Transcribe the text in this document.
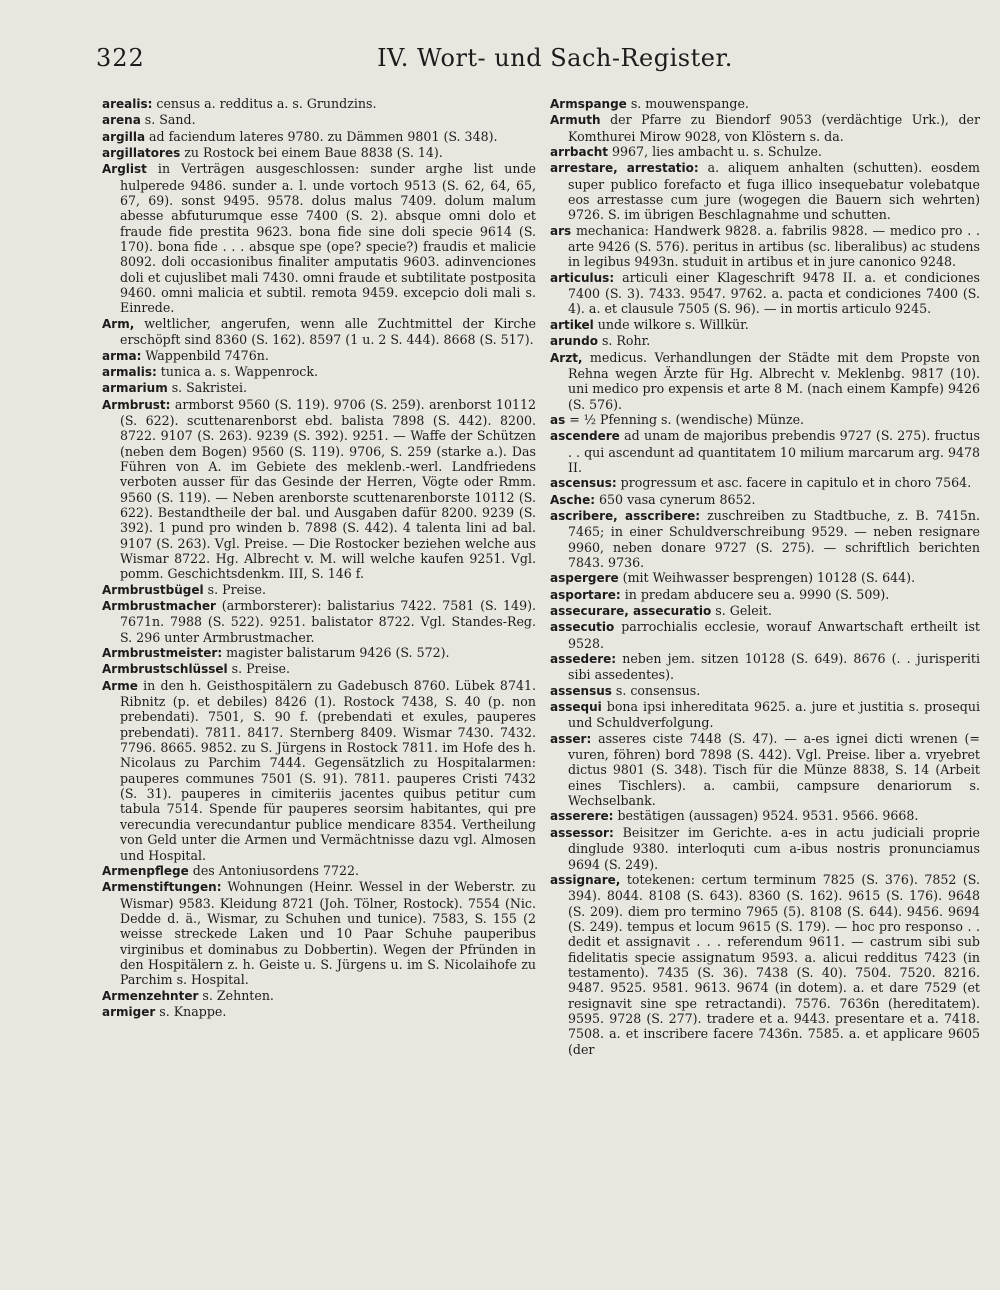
322	IV. Wort- und Sach-Register.

arealis: census a. redditus a. s. Grundzins.

arena s. Sand.

argilla ad faciendum lateres 9780. zu Dämmen 9801 (S. 348).

argillatores zu Rostock bei einem Baue 8838 (S. 14).

Arglist in Verträgen ausgeschlossen: sunder arghe list unde hulperede 9486. sunder a. l. unde vortoch 9513 (S. 62, 64, 65, 67, 69). sonst 9495. 9578. dolus malus 7409. dolum malum abesse abfuturumque esse 7400 (S. 2). absque omni dolo et fraude fide prestita 9623. bona fide sine doli specie 9614 (S. 170). bona fide . . . absque spe (ope? specie?) fraudis et malicie 8092. doli occasionibus finaliter amputatis 9603. adinvenciones doli et cujuslibet mali 7430. omni fraude et subtilitate postposita 9460. omni malicia et subtil. remota 9459. excepcio doli mali s. Einrede.

Arm, weltlicher, angerufen, wenn alle Zuchtmittel der Kirche erschöpft sind 8360 (S. 162). 8597 (1 u. 2 S. 444). 8668 (S. 517).

arma: Wappenbild 7476n.

armalis: tunica a. s. Wappenrock.

armarium s. Sakristei.

Armbrust: armborst 9560 (S. 119). 9706 (S. 259). arenborst 10112 (S. 622). scuttenarenborst ebd. balista 7898 (S. 442). 8200. 8722. 9107 (S. 263). 9239 (S. 392). 9251. — Waffe der Schützen (neben dem Bogen) 9560 (S. 119). 9706, S. 259 (starke a.). Das Führen von A. im Gebiete des meklenb.-werl. Landfriedens verboten ausser für das Gesinde der Herren, Vögte oder Rmm. 9560 (S. 119). — Neben arenborste scuttenarenborste 10112 (S. 622). Bestandtheile der bal. und Ausgaben dafür 8200. 9239 (S. 392). 1 pund pro winden b. 7898 (S. 442). 4 talenta lini ad bal. 9107 (S. 263). Vgl. Preise. — Die Rostocker beziehen welche aus Wismar 8722. Hg. Albrecht v. M. will welche kaufen 9251. Vgl. pomm. Geschichtsdenkm. III, S. 146 f.

Armbrustbügel s. Preise.

Armbrustmacher (armborsterer): balistarius 7422. 7581 (S. 149). 7671n. 7988 (S. 522). 9251. balistator 8722. Vgl. Standes-Reg. S. 296 unter Armbrustmacher.

Armbrustmeister: magister balistarum 9426 (S. 572).

Armbrustschlüssel s. Preise.

Arme in den h. Geisthospitälern zu Gadebusch 8760. Lübek 8741. Ribnitz (p. et debiles) 8426 (1). Rostock 7438, S. 40 (p. non prebendati). 7501, S. 90 f. (prebendati et exules, pauperes prebendati). 7811. 8417. Sternberg 8409. Wismar 7430. 7432. 7796. 8665. 9852. zu S. Jürgens in Rostock 7811. im Hofe des h. Nicolaus zu Parchim 7444. Gegensätzlich zu Hospitalarmen: pauperes communes 7501 (S. 91). 7811. pauperes Cristi 7432 (S. 31). pauperes in cimiteriis jacentes quibus petitur cum tabula 7514. Spende für pauperes seorsim habitantes, qui pre verecundia verecundantur publice mendicare 8354. Vertheilung von Geld unter die Armen und Vermächtnisse dazu vgl. Almosen und Hospital.

Armenpflege des Antoniusordens 7722.

Armenstiftungen: Wohnungen (Heinr. Wessel in der Weberstr. zu Wismar) 9583. Kleidung 8721 (Joh. Tölner, Rostock). 7554 (Nic. Dedde d. ä., Wismar, zu Schuhen und tunice). 7583, S. 155 (2 weisse streckede Laken und 10 Paar Schuhe pauperibus virginibus et dominabus zu Dobbertin). Wegen der Pfründen in den Hospitälern z. h. Geiste u. S. Jürgens u. im S. Nicolaihofe zu Parchim s. Hospital.

Armenzehnter s. Zehnten.

armiger s. Knappe.

Armspange s. mouwenspange.

Armuth der Pfarre zu Biendorf 9053 (verdächtige Urk.), der Komthurei Mirow 9028, von Klöstern s. da.

arrbacht 9967, lies ambacht u. s. Schulze.

arrestare, arrestatio: a. aliquem anhalten (schutten). eosdem super publico forefacto et fuga illico insequebatur volebatque eos arrestasse cum jure (wogegen die Bauern sich wehrten) 9726. S. im übrigen Beschlagnahme und schutten.

ars mechanica: Handwerk 9828. a. fabrilis 9828. — medico pro . . arte 9426 (S. 576). peritus in artibus (sc. liberalibus) ac studens in legibus 9493n. studuit in artibus et in jure canonico 9248.

articulus: articuli einer Klageschrift 9478 II. a. et condiciones 7400 (S. 3). 7433. 9547. 9762. a. pacta et condiciones 7400 (S. 4). a. et clausule 7505 (S. 96). — in mortis articulo 9245.

artikel unde wilkore s. Willkür.

arundo s. Rohr.

Arzt, medicus. Verhandlungen der Städte mit dem Propste von Rehna wegen Ärzte für Hg. Albrecht v. Meklenbg. 9817 (10). uni medico pro expensis et arte 8 M. (nach einem Kampfe) 9426 (S. 576).

as = ½ Pfenning s. (wendische) Münze.

ascendere ad unam de majoribus prebendis 9727 (S. 275). fructus . . qui ascendunt ad quantitatem 10 milium marcarum arg. 9478 II.

ascensus: progressum et asc. facere in capitulo et in choro 7564.

Asche: 650 vasa cynerum 8652.

ascribere, asscribere: zuschreiben zu Stadtbuche, z. B. 7415n. 7465; in einer Schuldverschreibung 9529. — neben resignare 9960, neben donare 9727 (S. 275). — schriftlich berichten 7843. 9736.

aspergere (mit Weihwasser besprengen) 10128 (S. 644).

asportare: in predam abducere seu a. 9990 (S. 509).

assecurare, assecuratio s. Geleit.

assecutio parrochialis ecclesie, worauf Anwartschaft ertheilt ist 9528.

assedere: neben jem. sitzen 10128 (S. 649). 8676 (. . jurisperiti sibi assedentes).

assensus s. consensus.

assequi bona ipsi inhereditata 9625. a. jure et justitia s. prosequi und Schuldverfolgung.

asser: asseres ciste 7448 (S. 47). — a-es ignei dicti wrenen (= vuren, föhren) bord 7898 (S. 442). Vgl. Preise. liber a. vryebret dictus 9801 (S. 348). Tisch für die Münze 8838, S. 14 (Arbeit eines Tischlers). a. cambii, campsure denariorum s. Wechselbank.

asserere: bestätigen (aussagen) 9524. 9531. 9566. 9668.

assessor: Beisitzer im Gerichte. a-es in actu judiciali proprie dinglude 9380. interloquti cum a-ibus nostris pronunciamus 9694 (S. 249).

assignare, totekenen: certum terminum 7825 (S. 376). 7852 (S. 394). 8044. 8108 (S. 643). 8360 (S. 162). 9615 (S. 176). 9648 (S. 209). diem pro termino 7965 (5). 8108 (S. 644). 9456. 9694 (S. 249). tempus et locum 9615 (S. 179). — hoc pro responso . . dedit et assignavit . . . referendum 9611. — castrum sibi sub fidelitatis specie assignatum 9593. a. alicui redditus 7423 (in testamento). 7435 (S. 36). 7438 (S. 40). 7504. 7520. 8216. 9487. 9525. 9581. 9613. 9674 (in dotem). a. et dare 7529 (et resignavit sine spe retractandi). 7576. 7636n (hereditatem). 9595. 9728 (S. 277). tradere et a. 9443. presentare et a. 7418. 7508. a. et inscribere facere 7436n. 7585. a. et applicare 9605 (der
